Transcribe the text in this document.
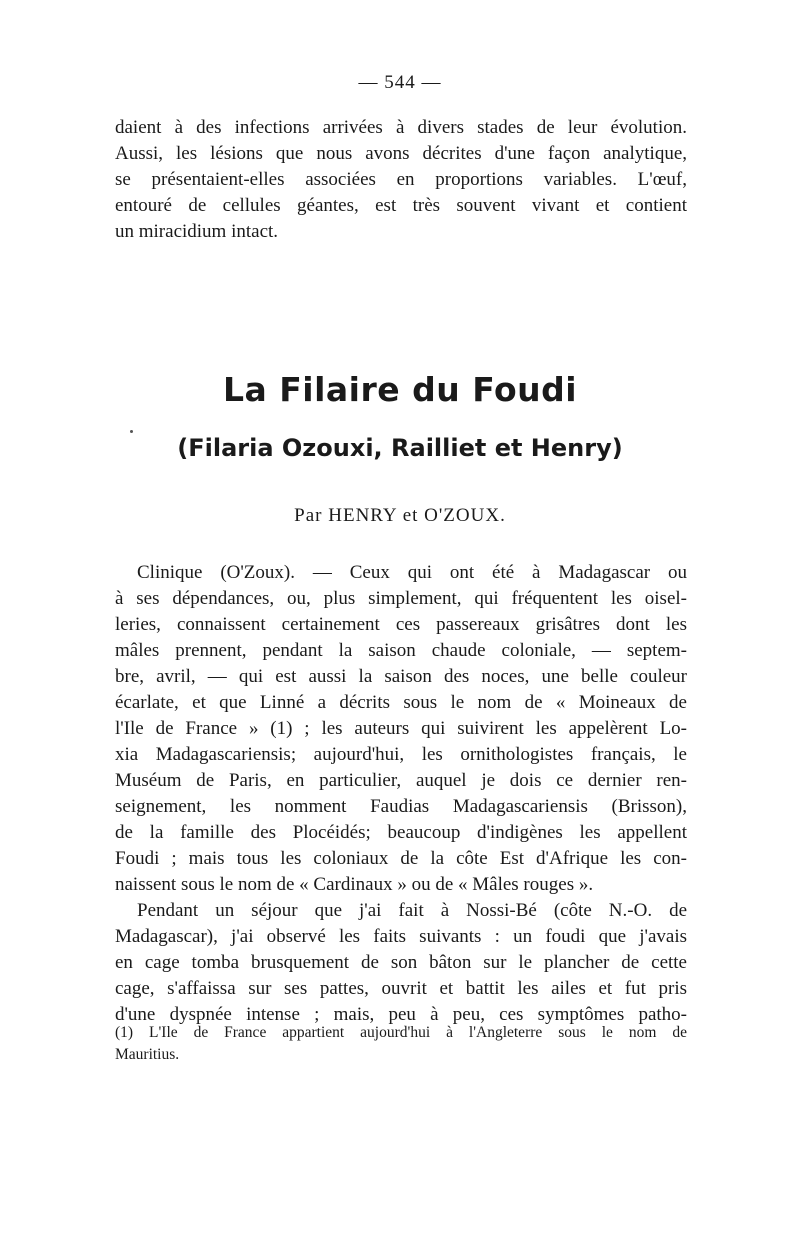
— 544 —
daient à des infections arrivées à divers stades de leur évolution.
Aussi, les lésions que nous avons décrites d'une façon analytique,
se présentaient-elles associées en proportions variables. L'œuf,
entouré de cellules géantes, est très souvent vivant et contient
un miracidium intact.
La Filaire du Foudi
(Filaria Ozouxi, Railliet et Henry)
Par HENRY et O'ZOUX.
Clinique (O'Zoux). — Ceux qui ont été à Madagascar ou
à ses dépendances, ou, plus simplement, qui fréquentent les oisel-
leries, connaissent certainement ces passereaux grisâtres dont les
mâles prennent, pendant la saison chaude coloniale, — septem-
bre, avril, — qui est aussi la saison des noces, une belle couleur
écarlate, et que Linné a décrits sous le nom de « Moineaux de
l'Ile de France » (1) ; les auteurs qui suivirent les appelèrent Lo-
xia Madagascariensis; aujourd'hui, les ornithologistes français, le
Muséum de Paris, en particulier, auquel je dois ce dernier ren-
seignement, les nomment Faudias Madagascariensis (Brisson),
de la famille des Plocéidés; beaucoup d'indigènes les appellent
Foudi ; mais tous les coloniaux de la côte Est d'Afrique les con-
naissent sous le nom de « Cardinaux » ou de « Mâles rouges ».
Pendant un séjour que j'ai fait à Nossi-Bé (côte N.-O. de
Madagascar), j'ai observé les faits suivants : un foudi que j'avais
en cage tomba brusquement de son bâton sur le plancher de cette
cage, s'affaissa sur ses pattes, ouvrit et battit les ailes et fut pris
d'une dyspnée intense ; mais, peu à peu, ces symptômes patho-
(1) L'Ile de France appartient aujourd'hui à l'Angleterre sous le nom de
Mauritius.
